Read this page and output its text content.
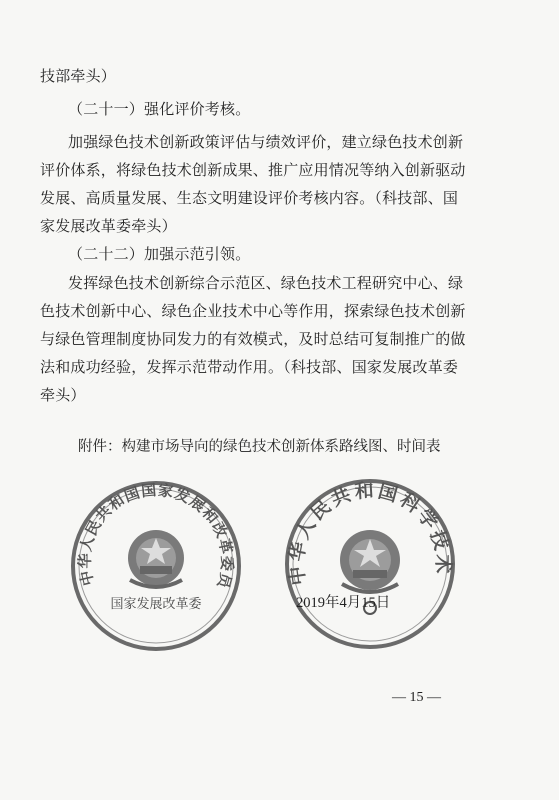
技部牵头）
（二十一）强化评价考核。
加强绿色技术创新政策评估与绩效评价，建立绿色技术创新
评价体系，将绿色技术创新成果、推广应用情况等纳入创新驱动
发展、高质量发展、生态文明建设评价考核内容。（科技部、国
家发展改革委牵头）
（二十二）加强示范引领。
发挥绿色技术创新综合示范区、绿色技术工程研究中心、绿
色技术创新中心、绿色企业技术中心等作用，探索绿色技术创新
与绿色管理制度协同发力的有效模式，及时总结可复制推广的做
法和成功经验，发挥示范带动作用。（科技部、国家发展改革委
牵头）
附件：构建市场导向的绿色技术创新体系路线图、时间表
中华人民共和国国家发展和改革委员
国家发展改革委
中华人民共和国科学技术
2019年4月15日
— 15 —
